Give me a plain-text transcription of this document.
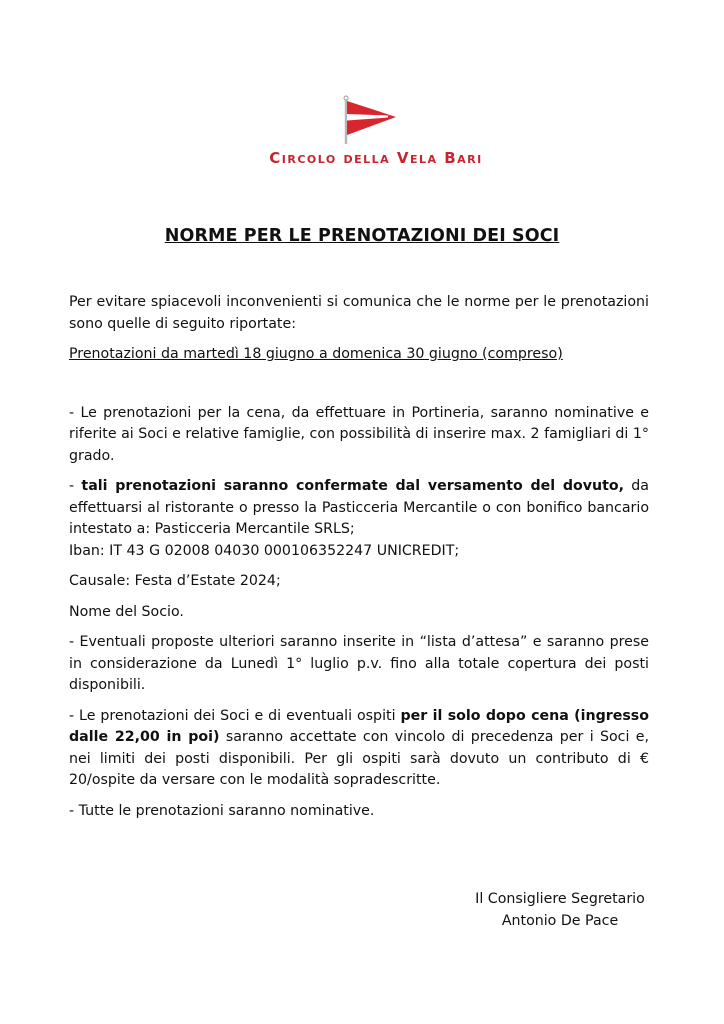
Circolo della Vela Bari
NORME PER LE PRENOTAZIONI DEI SOCI

Per evitare spiacevoli inconvenienti si comunica che le norme per le prenotazioni sono quelle di seguito riportate:

Prenotazioni da martedì 18 giugno a domenica 30 giugno (compreso)

- Le prenotazioni per la cena, da effettuare in Portineria, saranno nominative e riferite ai Soci e relative famiglie, con possibilità di inserire max. 2 famigliari di 1° grado.

- tali prenotazioni saranno confermate dal versamento del dovuto, da effettuarsi al ristorante o presso la Pasticceria Mercantile o con bonifico bancario intestato a: Pasticceria Mercantile SRLS;
Iban: IT 43 G 02008 04030 000106352247 UNICREDIT;

Causale: Festa d’Estate 2024;

Nome del Socio.

- Eventuali proposte ulteriori saranno inserite in “lista d’attesa” e saranno prese in considerazione da Lunedì 1° luglio p.v. fino alla totale copertura dei posti disponibili.

- Le prenotazioni dei Soci e di eventuali ospiti per il solo dopo cena (ingresso dalle 22,00 in poi) saranno accettate con vincolo di precedenza per i Soci e, nei limiti dei posti disponibili. Per gli ospiti sarà dovuto un contributo di € 20/ospite da versare con le modalità sopradescritte.

- Tutte le prenotazioni saranno nominative.

Il Consigliere Segretario
Antonio De Pace
